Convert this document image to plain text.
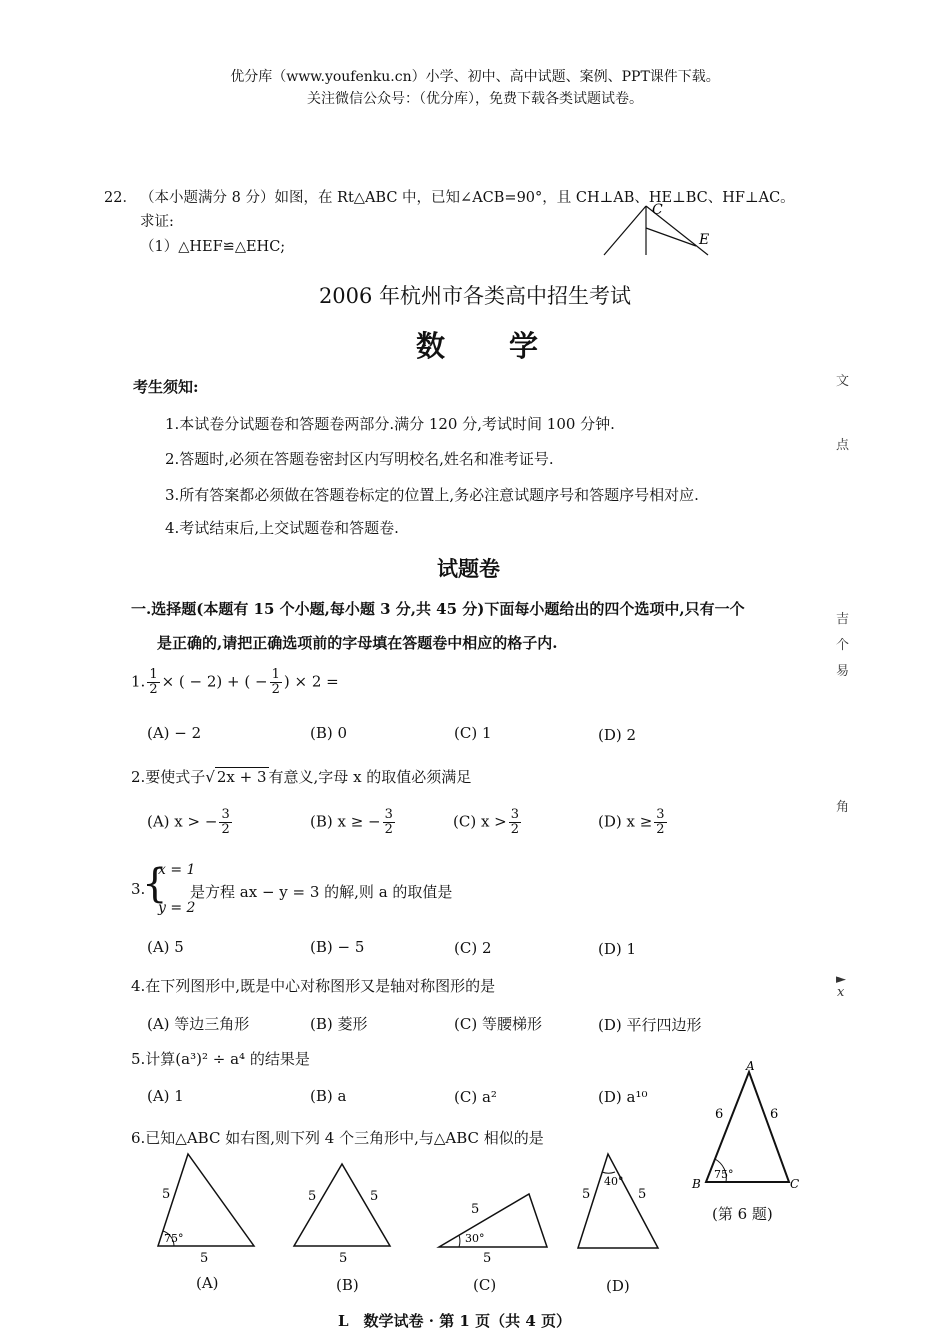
优分库（www.youfenku.cn）小学、初中、高中试题、案例、PPT课件下载。
关注微信公众号：（优分库），免费下载各类试题试卷。
22． （本小题满分 8 分）如图，在 Rt△ABC 中，已知∠ACB=90°，且 CH⊥AB、HE⊥BC、HF⊥AC。
求证:
（1）△HEF≌△EHC;
C
E
2006 年杭州市各类高中招生考试
数　　学
考生须知:
1.本试卷分试题卷和答题卷两部分.满分 120 分,考试时间 100 分钟.
2.答题时,必须在答题卷密封区内写明校名,姓名和准考证号.
3.所有答案都必须做在答题卷标定的位置上,务必注意试题序号和答题序号相对应.
4.考试结束后,上交试题卷和答题卷.
试题卷
一.选择题(本题有 15 个小题,每小题 3 分,共 45 分)下面每小题给出的四个选项中,只有一个
是正确的,请把正确选项前的字母填在答题卷中相应的格子内.
1. $\frac{1}{2}$ × ( − 2) + ( − $\frac{1}{2}$ ) × 2 =
(A) − 2	(B) 0	(C) 1	(D) 2
2.要使式子√ 2x + 3 有意义,字母 x 的取值必须满足
(A) x > − $\frac{3}{2}$	(B) x ≥ − $\frac{3}{2}$	(C) $x > \frac{3}{2}$	(D) $x \ge \frac{3}{2}$
3.
{
x = 1
y = 2
是方程 ax − y = 3 的解,则 a 的取值是
(A) 5	(B) − 5	(C) 2	(D) 1
4.在下列图形中,既是中心对称图形又是轴对称图形的是
(A) 等边三角形	(B) 菱形	(C) 等腰梯形	(D) 平行四边形
5.计算(a³)² ÷ a⁴ 的结果是
(A) 1	(B) a	(C) a²	(D) a¹⁰
6.已知△ABC 如右图,则下列 4 个三角形中,与△ABC 相似的是
A
B	C
6	6
75°
(第 6 题)
5
5
75°
(A)
5	5
5
(B)
5
5
30°
(C)
5	5
40°
(D)
文
点
吉
个
易
角
►
x
L　数学试卷 · 第 1 页（共 4 页）
